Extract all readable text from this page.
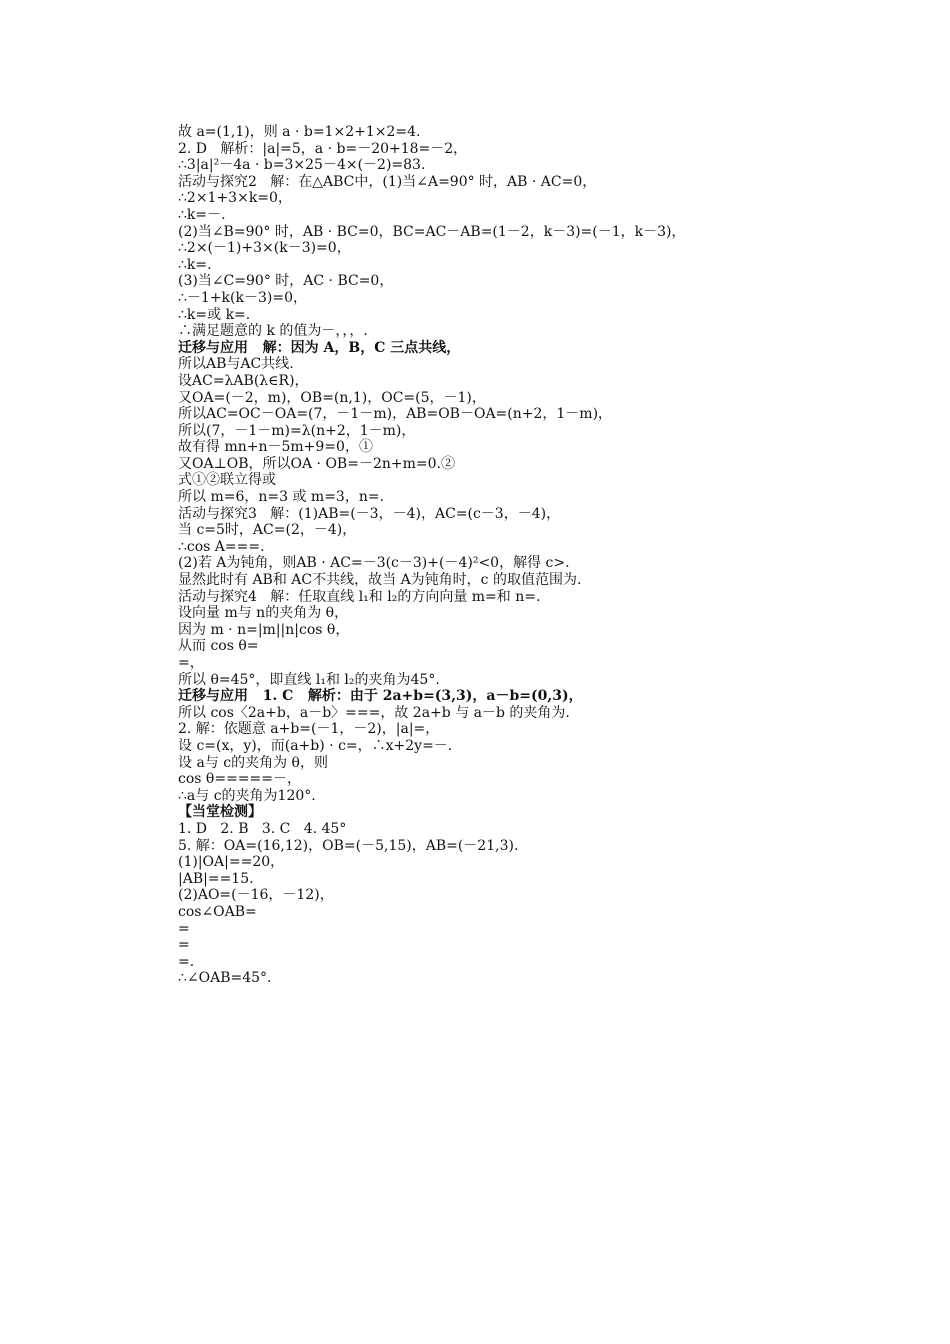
故 a=(1,1)，则 a · b=1×2+1×2=4.
2. D   解析：|a|=5，a · b=－20+18=－2，
∴3|a|²－4a · b=3×25－4×(－2)=83.
活动与探究2   解：在△ABC中，(1)当∠A=90° 时，AB · AC=0，
∴2×1+3×k=0，
∴k=－.
(2)当∠B=90° 时，AB · BC=0，BC=AC－AB=(1－2，k－3)=(－1，k－3)，
∴2×(－1)+3×(k－3)=0，
∴k=.
(3)当∠C=90° 时，AC · BC=0，
∴－1+k(k－3)=0，
∴k=或 k=.
∴满足题意的 k 的值为－，，，.
迁移与应用   解：因为 A，B，C 三点共线，
所以AB与AC共线.
设AC=λAB(λ∈R)，
又OA=(－2，m)，OB=(n,1)，OC=(5，－1)，
所以AC=OC－OA=(7，－1－m)，AB=OB－OA=(n+2，1－m)，
所以(7，－1－m)=λ(n+2，1－m)，
故有得 mn+n－5m+9=0，①
又OA⊥OB，所以OA · OB=－2n+m=0.②
式①②联立得或
所以 m=6，n=3 或 m=3，n=.
活动与探究3   解：(1)AB=(－3，－4)，AC=(c－3，－4)，
当 c=5时，AC=(2，－4)，
∴cos A===.
(2)若 A为钝角，则AB · AC=－3(c－3)+(－4)²<0，解得 c>.
显然此时有 AB和 AC不共线，故当 A为钝角时，c 的取值范围为.
活动与探究4   解：任取直线 l₁和 l₂的方向向量 m=和 n=.
设向量 m与 n的夹角为 θ，
因为 m · n=|m||n|cos θ，
从而 cos θ=
=，
所以 θ=45°，即直线 l₁和 l₂的夹角为45°.
迁移与应用   1. C   解析：由于 2a+b=(3,3)，a－b=(0,3)，
所以 cos〈2a+b，a－b〉===，故 2a+b 与 a－b 的夹角为.
2. 解：依题意 a+b=(－1，－2)，|a|=，
设 c=(x，y)，而(a+b) · c=，∴x+2y=－.
设 a与 c的夹角为 θ，则
cos θ=====－，
∴a与 c的夹角为120°.
【当堂检测】
1. D   2. B   3. C   4. 45°
5. 解：OA=(16,12)，OB=(－5,15)，AB=(－21,3).
(1)|OA|==20，
|AB|==15.
(2)AO=(－16，－12)，
cos∠OAB=
=
=
=.
∴∠OAB=45°.
